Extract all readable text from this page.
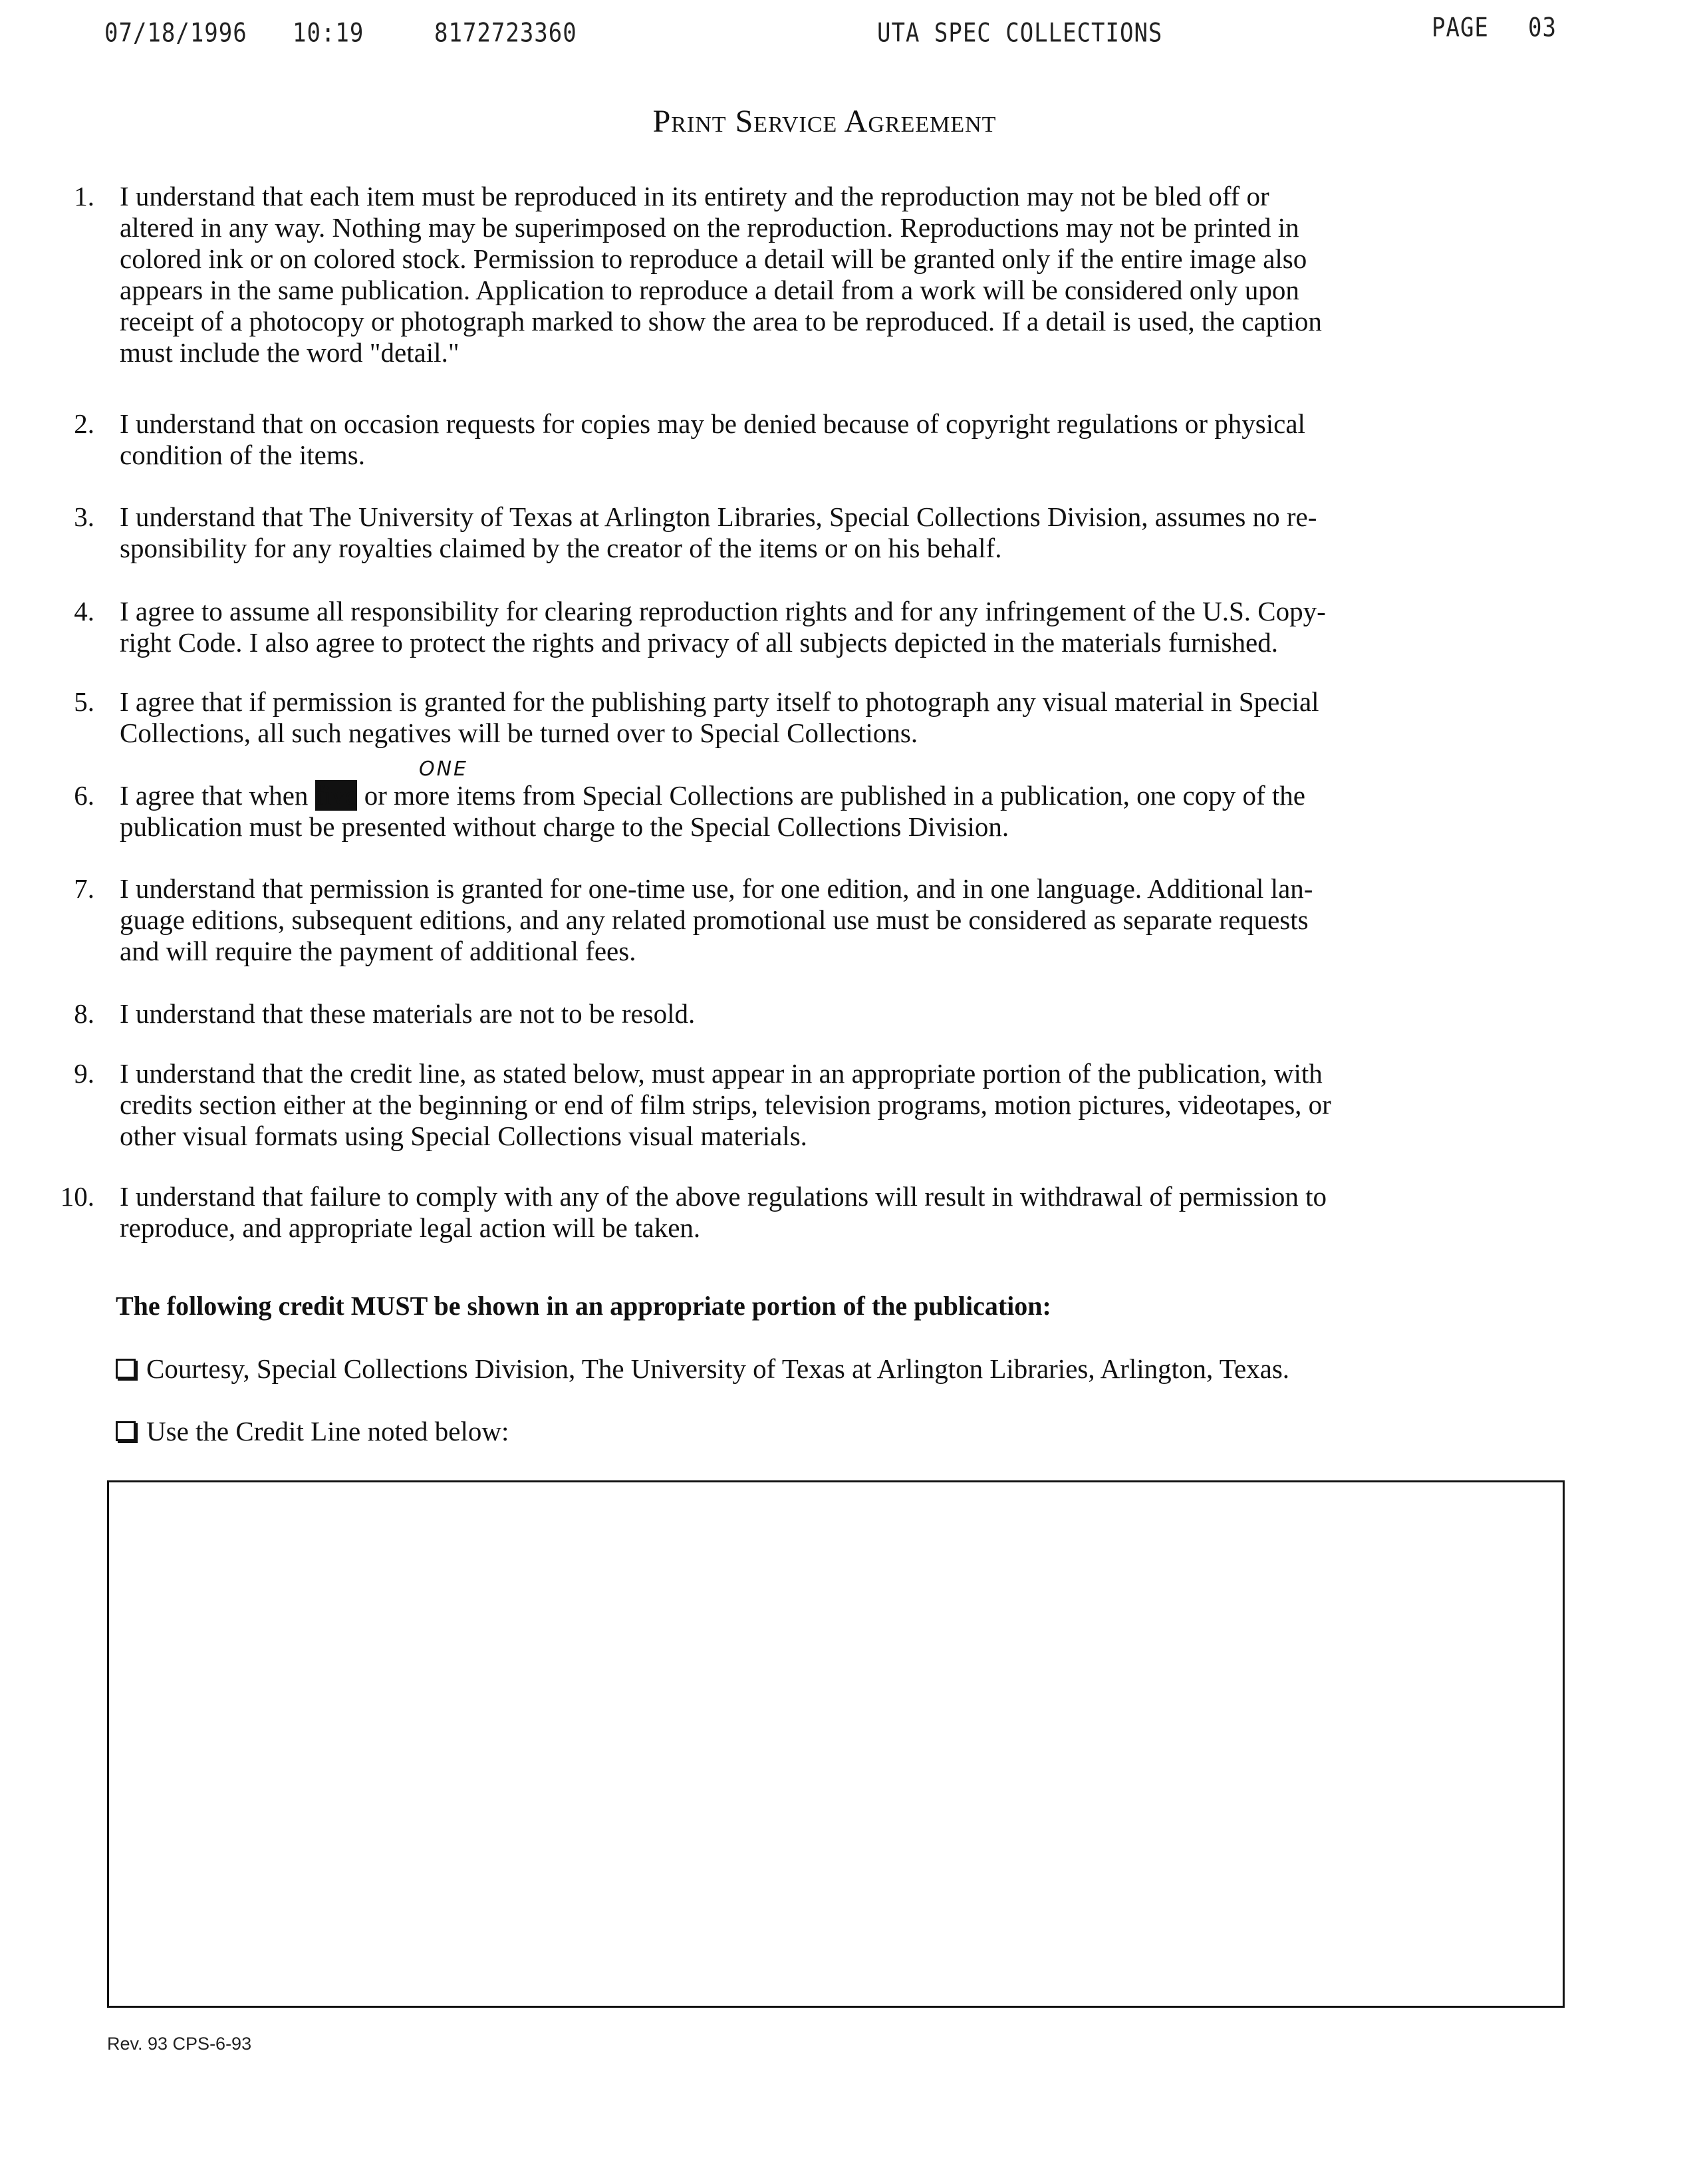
07/18/1996 10:19	8172723360	UTA SPEC COLLECTIONS	PAGE 03
Print Service Agreement
1. I understand that each item must be reproduced in its entirety and the reproduction may not be bled off or
altered in any way. Nothing may be superimposed on the reproduction. Reproductions may not be printed in
colored ink or on colored stock. Permission to reproduce a detail will be granted only if the entire image also
appears in the same publication. Application to reproduce a detail from a work will be considered only upon
receipt of a photocopy or photograph marked to show the area to be reproduced. If a detail is used, the caption
must include the word "detail."
2. I understand that on occasion requests for copies may be denied because of copyright regulations or physical
condition of the items.
3. I understand that The University of Texas at Arlington Libraries, Special Collections Division, assumes no re-
sponsibility for any royalties claimed by the creator of the items or on his behalf.
4. I agree to assume all responsibility for clearing reproduction rights and for any infringement of the U.S. Copy-
right Code. I also agree to protect the rights and privacy of all subjects depicted in the materials furnished.
5. I agree that if permission is granted for the publishing party itself to photograph any visual material in Special
Collections, all such negatives will be turned over to Special Collections.
6. I agree that when five or more items from Special Collections are published in a publication, one copy of the
publication must be presented without charge to the Special Collections Division.
ONE
7. I understand that permission is granted for one-time use, for one edition, and in one language. Additional lan-
guage editions, subsequent editions, and any related promotional use must be considered as separate requests
and will require the payment of additional fees.
8. I understand that these materials are not to be resold.
9. I understand that the credit line, as stated below, must appear in an appropriate portion of the publication, with
credits section either at the beginning or end of film strips, television programs, motion pictures, videotapes, or
other visual formats using Special Collections visual materials.
10. I understand that failure to comply with any of the above regulations will result in withdrawal of permission to
reproduce, and appropriate legal action will be taken.
The following credit MUST be shown in an appropriate portion of the publication:
Courtesy, Special Collections Division, The University of Texas at Arlington Libraries, Arlington, Texas.
Use the Credit Line noted below:
Rev. 93 CPS-6-93
